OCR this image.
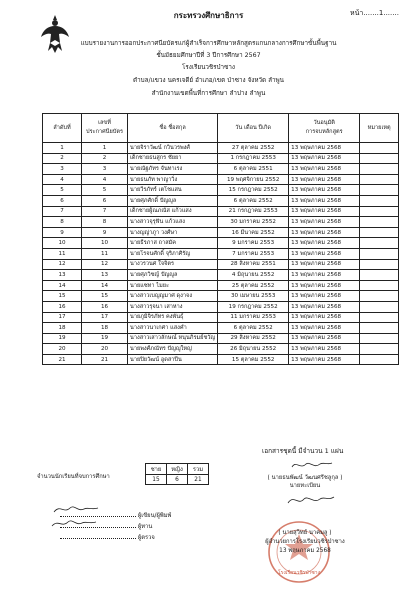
กระทรวงศึกษาธิการ	หน้า.......1.......
แบบรายงานการออกประกาศนียบัตรแก่ผู้สำเร็จการศึกษาหลักสูตรแกนกลางการศึกษาขั้นพื้นฐาน
ชั้นมัธยมศึกษาปีที่ 3 ปีการศึกษา 2567
โรงเรียนวชิรป่าซาง
ตำบล/แขวง นครเจดีย์ อำเภอ/เขต ป่าซาง จังหวัด ลำพูน
สำนักงานเขตพื้นที่การศึกษา ลำปาง ลำพูน
ลำดับที่	เลขที่
ประกาศนียบัตร	ชื่อ ชื่อสกุล	วัน เดือน ปีเกิด	วันอนุมัติ
การจบหลักสูตร	หมายเหตุ
1	1	นายจิราวัฒน์ กวินวรพงศ์	27 ตุลาคม 2552	13 พฤษภาคม 2568	
2	2	เด็กชายธนสูกร ชัยยา	1 กรกฎาคม 2553	13 พฤษภาคม 2568	
3	3	นายณัฐภัทร จันทาเรง	6 ตุลาคม 2551	13 พฤษภาคม 2568	
4	4	นายธนภัท พาญาวิ่ง	19 พฤศจิกายน 2552	13 พฤษภาคม 2568	
5	5	นายวีรภัทร์ เตโชแสน	15 กรกฎาคม 2552	13 พฤษภาคม 2568	
6	6	นายศุภศักดิ์ ปัญญูล	6 ตุลาคม 2552	13 พฤษภาคม 2568	
7	7	เด็กชายผู้ณภณัส แก้วแสง	21 กรกฎาคม 2553	13 พฤษภาคม 2568	
8	8	นางสาวจุรุฬัน แก้วแสง	30 มกราคม 2552	13 พฤษภาคม 2568	
9	9	นางญญ่าภูา วงศ์ษา	16 มีนาคม 2552	13 พฤษภาคม 2568	
10	10	นายธีรภาส ถาสมัค	9 มกราคม 2553	13 พฤษภาคม 2568	
11	11	นายโรจนศักดิ์ จุริภาศิรัญ	7 มกราคม 2553	13 พฤษภาคม 2568	
12	12	นางวรวนศ ใจจิตร	28 สิงหาคม 2551	13 พฤษภาคม 2568	
13	13	นายศุภวิชญ์ ปัญญูล	4 มิถุนายน 2552	13 พฤษภาคม 2568	
14	14	นายแซทา ไมยะ	25 ตุลาคม 2552	13 พฤษภาคม 2568	
15	15	นางสาวเบญญมาศ ดุงาจง	30 เมษายน 2553	13 พฤษภาคม 2568	
16	16	นางสาวรุจนา เสาหาง	19 กรกฎาคม 2552	13 พฤษภาคม 2568	
17	17	นายภูมิจิรภัทร คงพันธุ์	11 มกราคม 2553	13 พฤษภาคม 2568	
18	18	นางสาวนาเกศา แสงคำ	6 ตุลาคม 2552	13 พฤษภาคม 2568	
19	19	นางสาวเสาวลักษณ์ หนุนภิรมย์ชวัญ	29 สิงหาคม 2552	13 พฤษภาคม 2568	
20	20	นายพงศ์ภณัทร ปัญญูใหญ่	26 มิถุนายน 2552	13 พฤษภาคม 2568	
21	21	นายปิยวัฒน์ อูดสาปีน	15 ตุลาคม 2552	13 พฤษภาคม 2568	
เอกสารชุดนี้ มีจำนวน 1 แผ่น
จำนวนนักเรียนที่จบการศึกษา
ชาย	หญิง	รวม
15	6	21
ผู้เขียน/ผู้พิมพ์
ผู้ทาน
ผู้ตรวจ
( นายธนพัฒน์ วัฒนศรีชลูกุล )
นายทะเบียน
โรงเรียนวชิรป่าซาง
( นายสุวิทย์ นาคมลู )
ผู้อำนวยการโรงเรียนวชิรป่าซาง
13 พฤษภาคม 2568
